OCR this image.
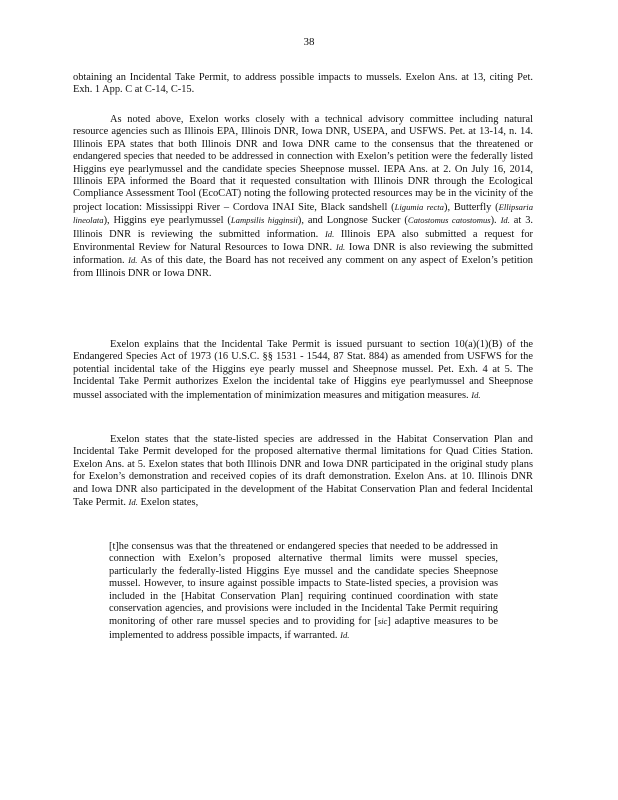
38

obtaining an Incidental Take Permit, to address possible impacts to mussels. Exelon Ans. at 13, citing Pet. Exh. 1 App. C at C-14, C-15.

As noted above, Exelon works closely with a technical advisory committee including natural resource agencies such as Illinois EPA, Illinois DNR, Iowa DNR, USEPA, and USFWS. Pet. at 13-14, n. 14. Illinois EPA states that both Illinois DNR and Iowa DNR came to the consensus that the threatened or endangered species that needed to be addressed in connection with Exelon’s petition were the federally listed Higgins eye pearlymussel and the candidate species Sheepnose mussel. IEPA Ans. at 2. On July 16, 2014, Illinois EPA informed the Board that it requested consultation with Illinois DNR through the Ecological Compliance Assessment Tool (EcoCAT) noting the following protected resources may be in the vicinity of the project location: Mississippi River – Cordova INAI Site, Black sandshell (Ligumia recta), Butterfly (Ellipsaria lineolata), Higgins eye pearlymussel (Lampsilis higginsii), and Longnose Sucker (Catostomus catostomus). Id. at 3. Illinois DNR is reviewing the submitted information. Id. Illinois EPA also submitted a request for Environmental Review for Natural Resources to Iowa DNR. Id. Iowa DNR is also reviewing the submitted information. Id. As of this date, the Board has not received any comment on any aspect of Exelon’s petition from Illinois DNR or Iowa DNR.

Exelon explains that the Incidental Take Permit is issued pursuant to section 10(a)(1)(B) of the Endangered Species Act of 1973 (16 U.S.C. §§ 1531 - 1544, 87 Stat. 884) as amended from USFWS for the potential incidental take of the Higgins eye pearly mussel and Sheepnose mussel. Pet. Exh. 4 at 5. The Incidental Take Permit authorizes Exelon the incidental take of Higgins eye pearlymussel and Sheepnose mussel associated with the implementation of minimization measures and mitigation measures. Id.

Exelon states that the state-listed species are addressed in the Habitat Conservation Plan and Incidental Take Permit developed for the proposed alternative thermal limitations for Quad Cities Station. Exelon Ans. at 5. Exelon states that both Illinois DNR and Iowa DNR participated in the original study plans for Exelon’s demonstration and received copies of its draft demonstration. Exelon Ans. at 10. Illinois DNR and Iowa DNR also participated in the development of the Habitat Conservation Plan and federal Incidental Take Permit. Id. Exelon states,

[t]he consensus was that the threatened or endangered species that needed to be addressed in connection with Exelon’s proposed alternative thermal limits were mussel species, particularly the federally-listed Higgins Eye mussel and the candidate species Sheepnose mussel. However, to insure against possible impacts to State-listed species, a provision was included in the [Habitat Conservation Plan] requiring continued coordination with state conservation agencies, and provisions were included in the Incidental Take Permit requiring monitoring of other rare mussel species and to providing for [sic] adaptive measures to be implemented to address possible impacts, if warranted. Id.
